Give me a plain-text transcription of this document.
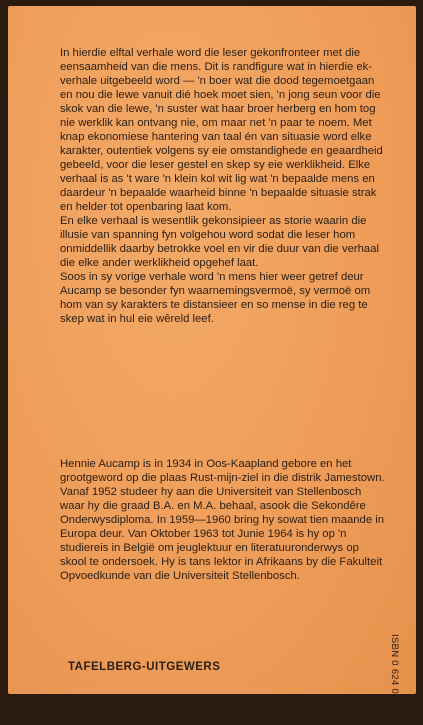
In hierdie elftal verhale word die leser gekonfronteer met die eensaamheid van die mens. Dit is randfigure wat in hierdie ek-verhale uitgebeeld word — 'n boer wat die dood tegemoetgaan en nou die lewe vanuit dié hoek moet sien, 'n jong seun voor die skok van die lewe, 'n suster wat haar broer herberg en hom tog nie werklik kan ontvang nie, om maar net 'n paar te noem. Met knap ekonomiese hantering van taal én van situasie word elke karakter, outentiek volgens sy eie omstandighede en geaardheid gebeeld, voor die leser gestel en skep sy eie werklikheid. Elke verhaal is as 't ware 'n klein kol wit lig wat 'n bepaalde mens en daardeur 'n bepaalde waarheid binne 'n bepaalde situasie strak en helder tot openbaring laat kom.

En elke verhaal is wesentlik gekonsipieer as storie waarin die illusie van spanning fyn volgehou word sodat die leser hom onmiddellik daarby betrokke voel en vir die duur van die verhaal die elke ander werklikheid opgehef laat.

Soos in sy vorige verhale word 'n mens hier weer getref deur Aucamp se besonder fyn waarnemingsvermoë, sy vermoë om hom van sy karakters te distansieer en so mense in die reg te skep wat in hul eie wêreld leef.

Hennie Aucamp is in 1934 in Oos-Kaapland gebore en het grootgeword op die plaas Rust-mijn-ziel in die distrik Jamestown. Vanaf 1952 studeer hy aan die Universiteit van Stellenbosch waar hy die graad B.A. en M.A. behaal, asook die Sekondêre Onderwysdiploma. In 1959—1960 bring hy sowat tien maande in Europa deur. Van Oktober 1963 tot Junie 1964 is hy op 'n studiereis in België om jeuglektuur en literatuuronderwys op skool te ondersoek. Hy is tans lektor in Afrikaans by die Fakulteit Opvoedkunde van die Universiteit Stellenbosch.

ISBN 0 624 01225 5
TAFELBERG-UITGEWERS
